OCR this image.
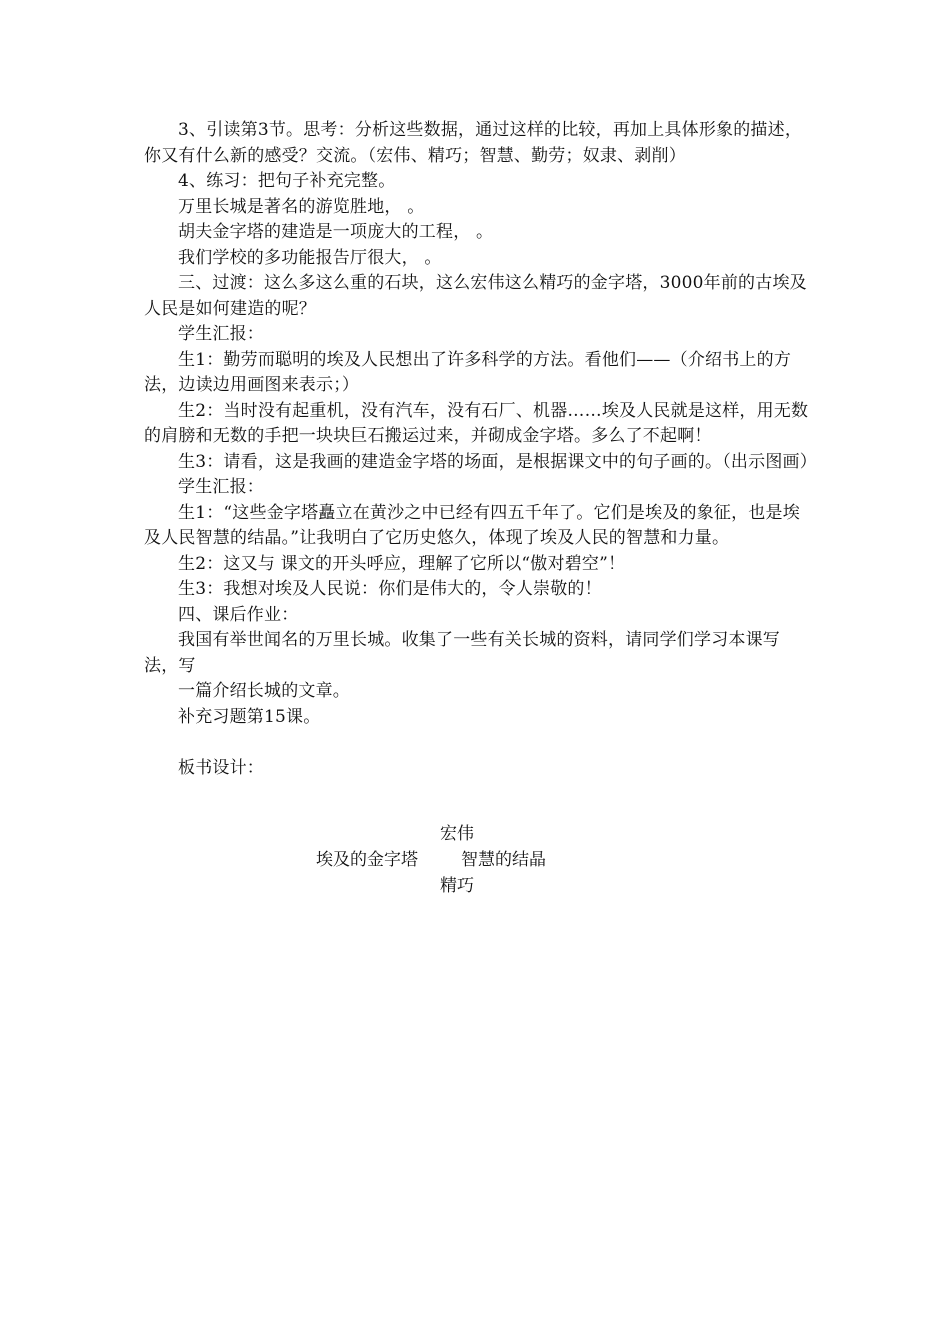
3、引读第3节。思考：分析这些数据，通过这样的比较，再加上具体形象的描述，你又有什么新的感受？交流。（宏伟、精巧；智慧、勤劳；奴隶、剥削）

4、练习：把句子补充完整。

万里长城是著名的游览胜地， 。

胡夫金字塔的建造是一项庞大的工程， 。

我们学校的多功能报告厅很大， 。

三、过渡：这么多这么重的石块，这么宏伟这么精巧的金字塔，3000年前的古埃及人民是如何建造的呢？

学生汇报：

生1：勤劳而聪明的埃及人民想出了许多科学的方法。看他们——（介绍书上的方法，边读边用画图来表示；）

生2：当时没有起重机，没有汽车，没有石厂、机器……埃及人民就是这样，用无数的肩膀和无数的手把一块块巨石搬运过来，并砌成金字塔。多么了不起啊！

生3：请看，这是我画的建造金字塔的场面，是根据课文中的句子画的。（出示图画）

学生汇报：

生1：“这些金字塔矗立在黄沙之中已经有四五千年了。它们是埃及的象征，也是埃及人民智慧的结晶。”让我明白了它历史悠久，体现了埃及人民的智慧和力量。

生2：这又与 课文的开头呼应，理解了它所以“傲对碧空”！

生3：我想对埃及人民说：你们是伟大的，令人崇敬的！

四、课后作业：

我国有举世闻名的万里长城。收集了一些有关长城的资料，请同学们学习本课写法，写

一篇介绍长城的文章。

补充习题第15课。

板书设计：

宏伟
埃及的金字塔	智慧的结晶
精巧
